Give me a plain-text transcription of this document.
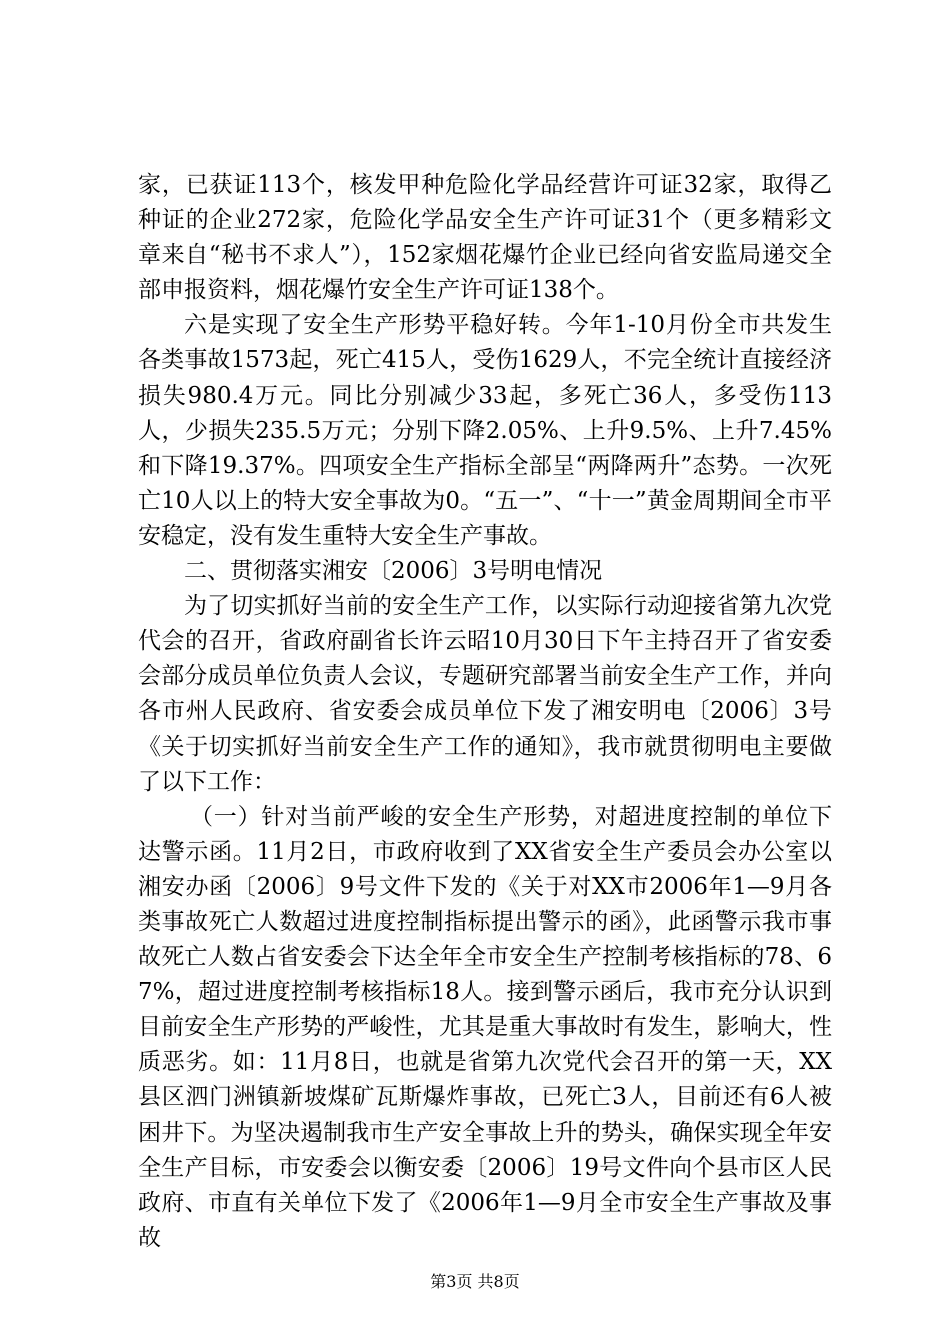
家，已获证113个，核发甲种危险化学品经营许可证32家，取得乙种证的企业272家，危险化学品安全生产许可证31个（更多精彩文章来自“秘书不求人”），152家烟花爆竹企业已经向省安监局递交全部申报资料，烟花爆竹安全生产许可证138个。

六是实现了安全生产形势平稳好转。今年1-10月份全市共发生各类事故1573起，死亡415人，受伤1629人，不完全统计直接经济损失980.4万元。同比分别减少33起，多死亡36人，多受伤113人，少损失235.5万元；分别下降2.05%、上升9.5%、上升7.45%和下降19.37%。四项安全生产指标全部呈“两降两升”态势。一次死亡10人以上的特大安全事故为0。“五一”、“十一”黄金周期间全市平安稳定，没有发生重特大安全生产事故。

二、贯彻落实湘安〔2006〕3号明电情况

为了切实抓好当前的安全生产工作，以实际行动迎接省第九次党代会的召开，省政府副省长许云昭10月30日下午主持召开了省安委会部分成员单位负责人会议，专题研究部署当前安全生产工作，并向各市州人民政府、省安委会成员单位下发了湘安明电〔2006〕3号《关于切实抓好当前安全生产工作的通知》，我市就贯彻明电主要做了以下工作：

（一）针对当前严峻的安全生产形势，对超进度控制的单位下达警示函。11月2日，市政府收到了XX省安全生产委员会办公室以湘安办函〔2006〕9号文件下发的《关于对XX市2006年1—9月各类事故死亡人数超过进度控制指标提出警示的函》，此函警示我市事故死亡人数占省安委会下达全年全市安全生产控制考核指标的78、67%，超过进度控制考核指标18人。接到警示函后，我市充分认识到目前安全生产形势的严峻性，尤其是重大事故时有发生，影响大，性质恶劣。如：11月8日，也就是省第九次党代会召开的第一天，XX县区泗门洲镇新坡煤矿瓦斯爆炸事故，已死亡3人，目前还有6人被困井下。为坚决遏制我市生产安全事故上升的势头，确保实现全年安全生产目标，市安委会以衡安委〔2006〕19号文件向个县市区人民政府、市直有关单位下发了《2006年1—9月全市安全生产事故及事故

第3页 共8页
